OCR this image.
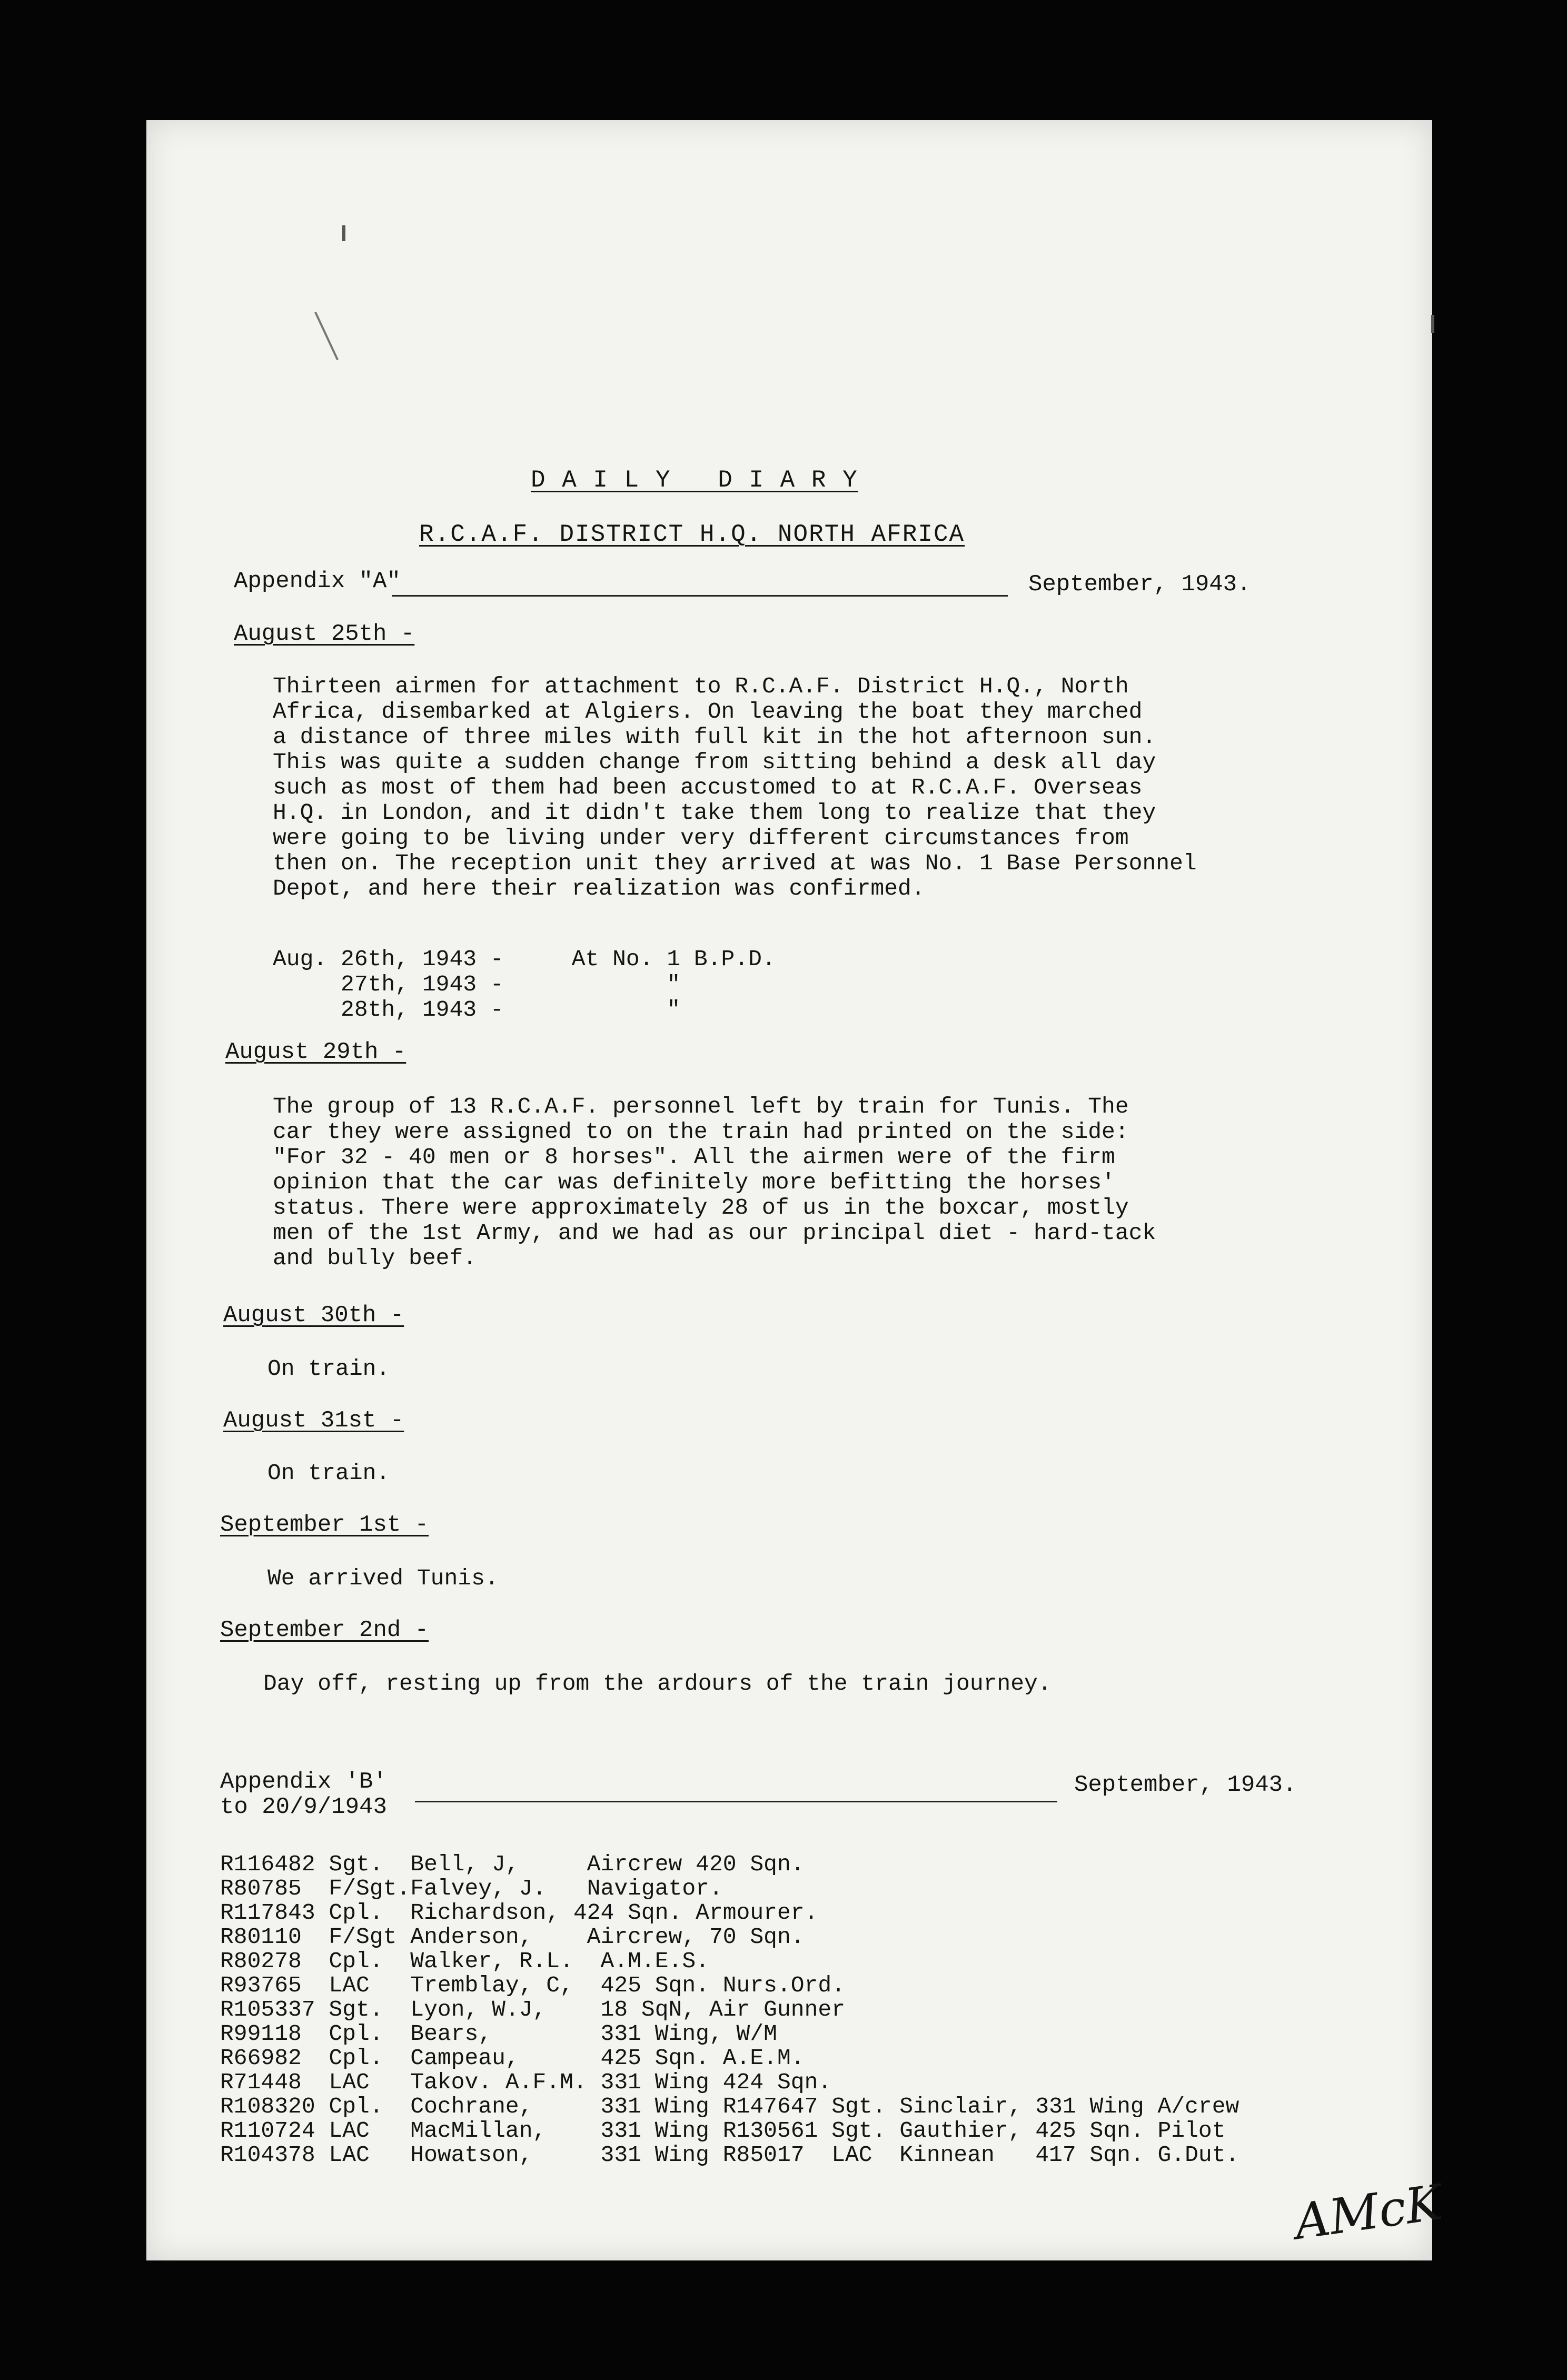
D A I L Y   D I A R Y
R.C.A.F. DISTRICT H.Q. NORTH AFRICA
Appendix "A"	September, 1943.
August 25th -
Thirteen airmen for attachment to R.C.A.F. District H.Q., North
Africa, disembarked at Algiers. On leaving the boat they marched
a distance of three miles with full kit in the hot afternoon sun.
This was quite a sudden change from sitting behind a desk all day
such as most of them had been accustomed to at R.C.A.F. Overseas
H.Q. in London, and it didn't take them long to realize that they
were going to be living under very different circumstances from
then on. The reception unit they arrived at was No. 1 Base Personnel
Depot, and here their realization was confirmed.
Aug. 26th, 1943 -     At No. 1 B.P.D.
27th, 1943 -            "
28th, 1943 -            "
August 29th -
The group of 13 R.C.A.F. personnel left by train for Tunis. The
car they were assigned to on the train had printed on the side:
"For 32 - 40 men or 8 horses". All the airmen were of the firm
opinion that the car was definitely more befitting the horses'
status. There were approximately 28 of us in the boxcar, mostly
men of the 1st Army, and we had as our principal diet - hard-tack
and bully beef.
August 30th -
On train.
August 31st -
On train.
September 1st -
We arrived Tunis.
September 2nd -
Day off, resting up from the ardours of the train journey.
Appendix 'B'
to 20/9/1943
September, 1943.
R116482 Sgt.  Bell, J,     Aircrew 420 Sqn.
R80785  F/Sgt.Falvey, J.   Navigator.
R117843 Cpl.  Richardson, 424 Sqn. Armourer.
R80110  F/Sgt Anderson,    Aircrew, 70 Sqn.
R80278  Cpl.  Walker, R.L.  A.M.E.S.
R93765  LAC   Tremblay, C,  425 Sqn. Nurs.Ord.
R105337 Sgt.  Lyon, W.J,    18 SqN, Air Gunner
R99118  Cpl.  Bears,        331 Wing, W/M
R66982  Cpl.  Campeau,      425 Sqn. A.E.M.
R71448  LAC   Takov. A.F.M. 331 Wing 424 Sqn.
R108320 Cpl.  Cochrane,     331 Wing R147647 Sgt. Sinclair, 331 Wing A/crew
R110724 LAC   MacMillan,    331 Wing R130561 Sgt. Gauthier, 425 Sqn. Pilot
R104378 LAC   Howatson,     331 Wing R85017  LAC  Kinnean   417 Sqn. G.Dut.
AMcK
